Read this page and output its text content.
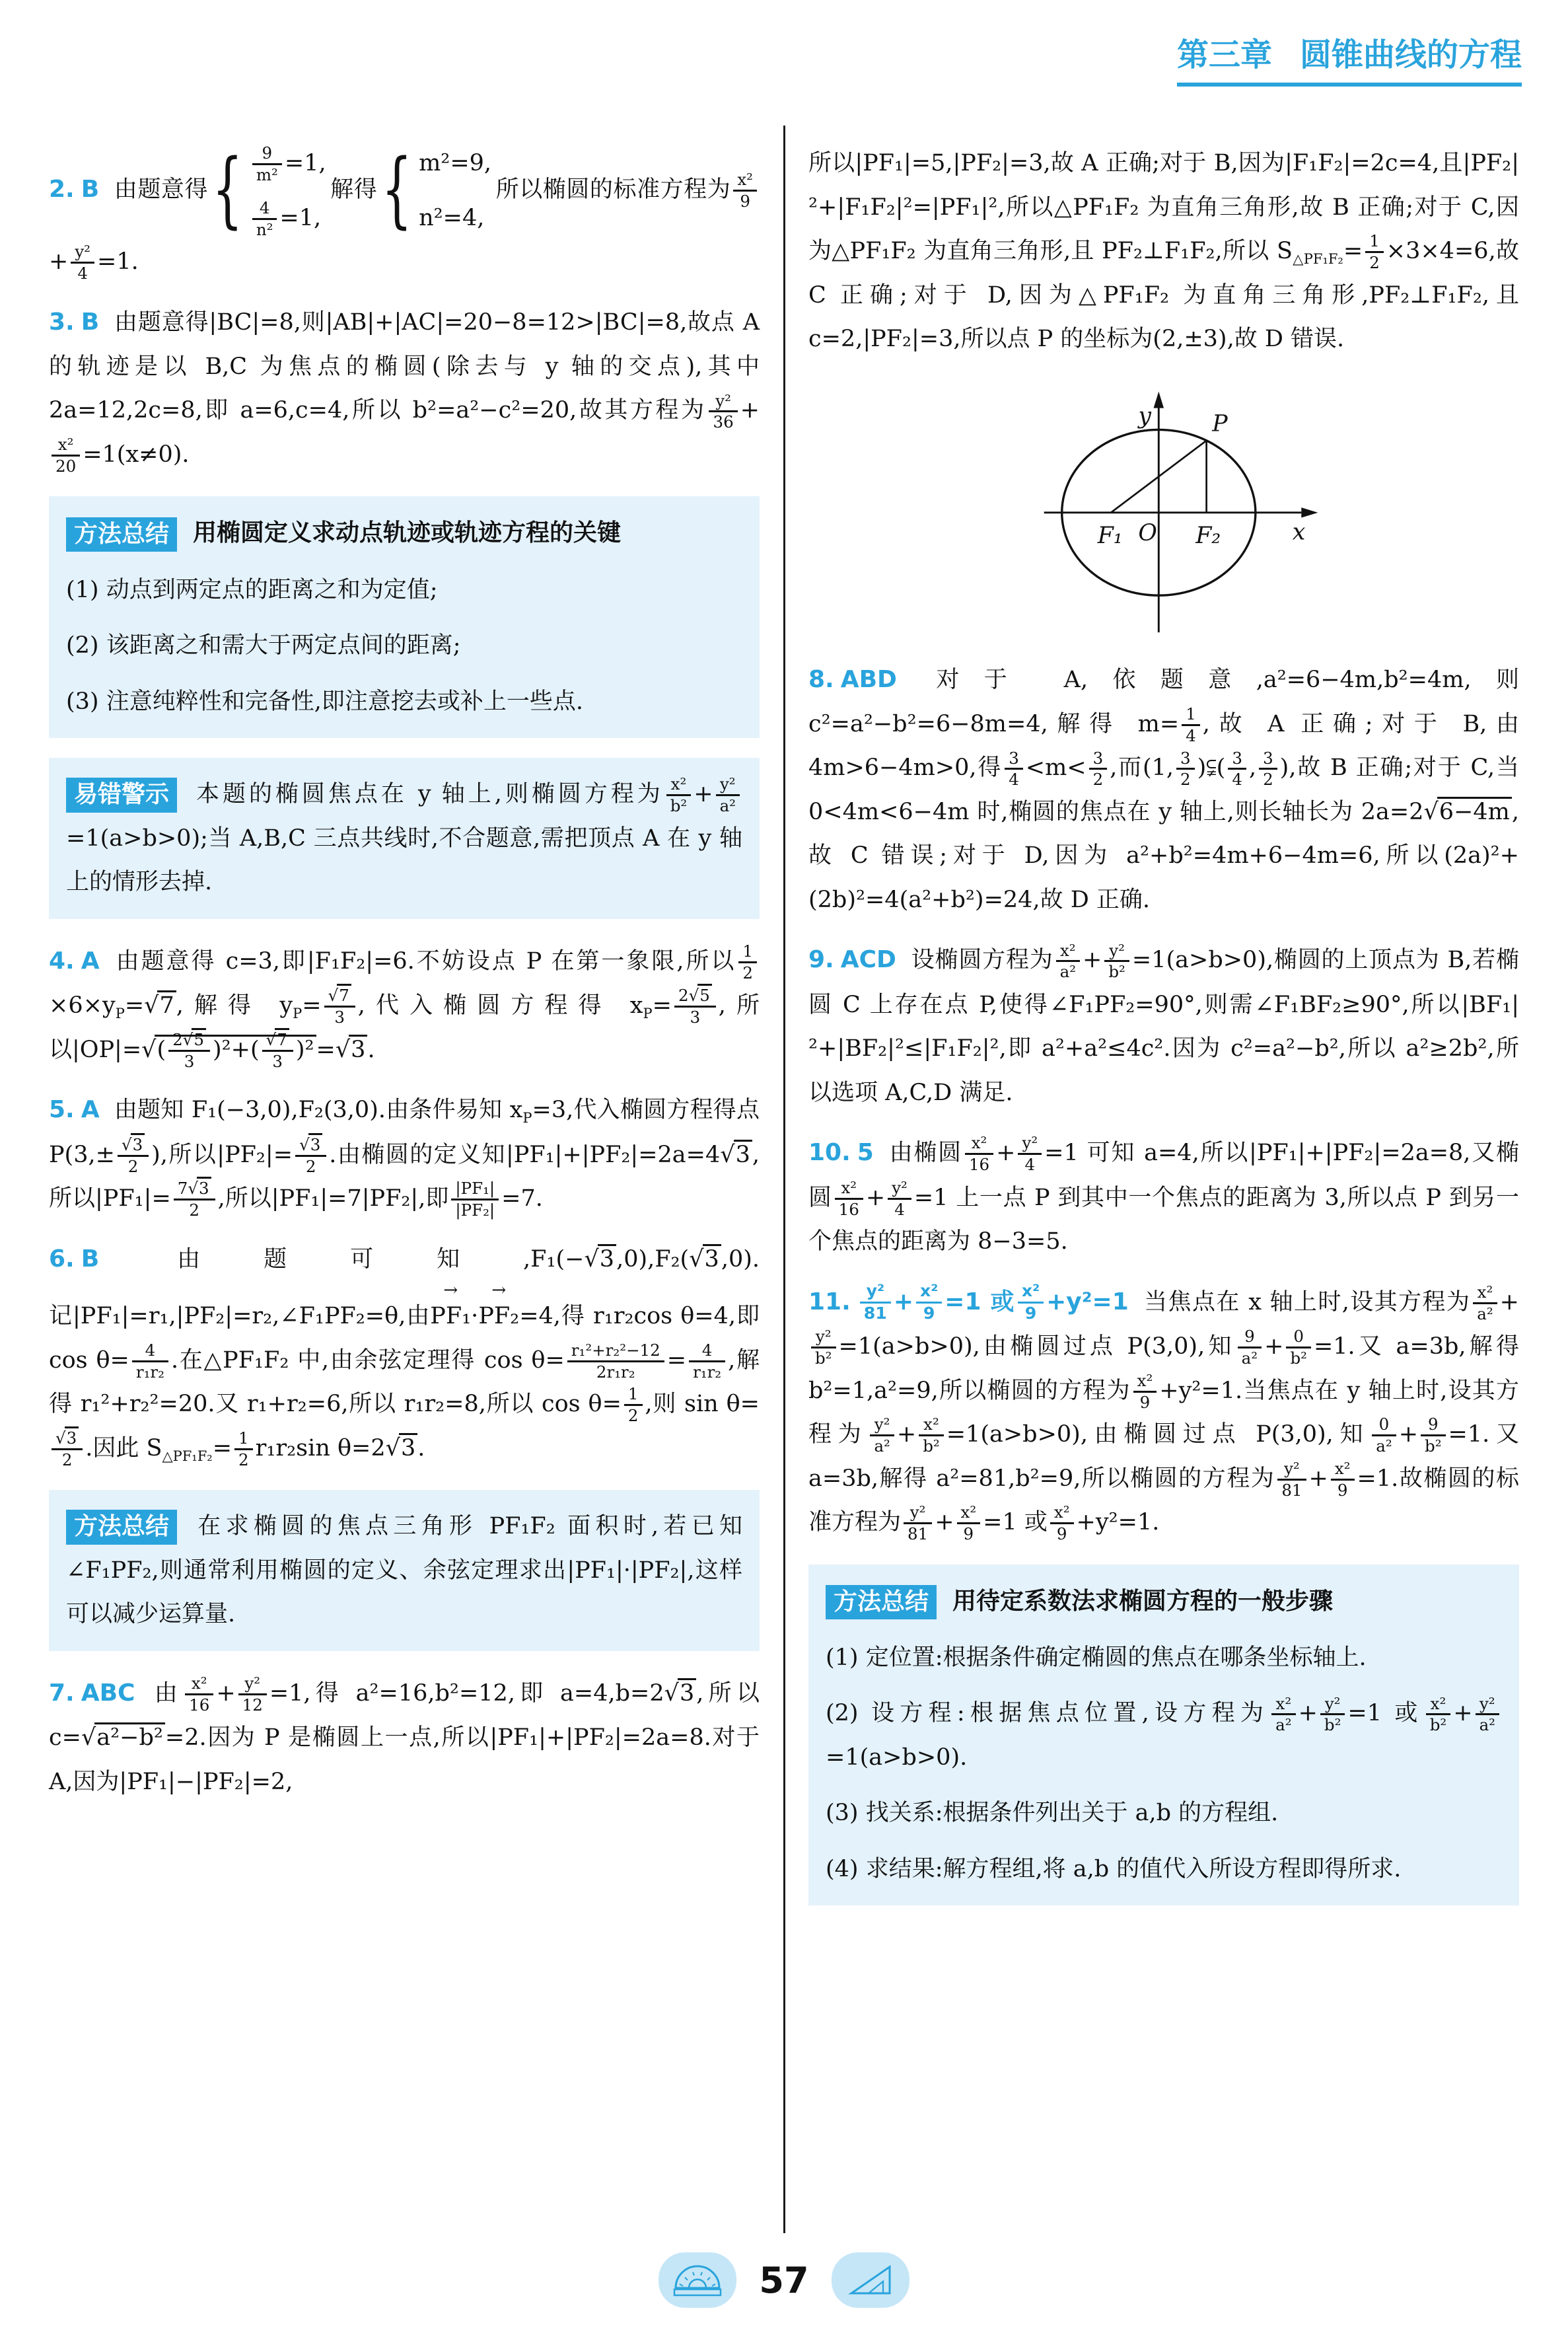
第三章 圆锥曲线的方程

2. B 由题意得 { $\frac{9}{\text{m²}} =1$,
$\frac{4}{\text{n²}} =1$,
解得 { m²=9,
n²=4,
所以椭圆的标准方程为 $\frac{\text{x²}}{9}$
+ $\frac{\text{y²}}{4} =1$.

3. B 由题意得|BC|=8,则|AB|+|AC|=20−8=12>|BC|=8,故点 A 的轨迹是以 B,C 为焦点的椭圆(除去与 y 轴的交点),其中 2a=12,2c=8,即 a=6,c=4,所以 b²=a²−c²=20,故其方程为 $\frac{\text{y²}}{36}$ +
$\frac{\text{x²}}{20} =1(x\ne 0)$.

方法总结 用椭圆定义求动点轨迹或轨迹方程的关键

(1) 动点到两定点的距离之和为定值;

(2) 该距离之和需大于两定点间的距离;

(3) 注意纯粹性和完备性,即注意挖去或补上一些点.

易错警示 本题的椭圆焦点在 y 轴上,则椭圆方程为 $\frac{\text{x²}}{\text{b²}} + \frac{\text{y²}}{\text{a²}}$
=1(a>b>0);当 A,B,C 三点共线时,不合题意,需把顶点 A 在 y 轴上的情形去掉.

4. A 由题意得 c=3,即|F₁F₂|=6.不妨设点 P 在第一象限,所以 $\frac{1}{2}$
$\times 6\times y_P=√7$,解得 $y_P= \frac{√ 7}{3}$ ,代入椭圆方程得 $x_P= \frac{2√ 5}{3}$ ,所以$|OP|=√( \frac{2√ 5}{3} )^2+( \frac{√ 7}{3} )^2=√3$.

5. A 由题知 F₁(−3,0),F₂(3,0).由条件易知 $x_P=3$,代入椭圆方程得点 $P(3,\pm \frac{√ 3}{2}$ ),所以$|PF_2|= \frac{√ 3}{2}$ .由椭圆的定义知|PF₁|+|PF₂|=2a=4√3,所以$|PF_1|= \frac{7√ 3}{2}$ ,所以|PF₁|=7|PF₂|,即 $\frac{\text{|PF₁|}}{\text{|PF₂|}} =7$.

6. B 由题可知,F₁(−√3,0),F₂(√3,0).记|PF₁|=r₁,|PF₂|=r₂,∠F₁PF₂=θ,由
→
PF₁·
→
PF₂=4,得 r₁r₂cos θ=4,即 $\cos \theta= \frac{4}{\text{r₁r₂}}$ .在△PF₁F₂ 中,由余弦定理得 $\cos \theta= \frac{\text{r₁²+r₂²−12}}{\text{2r₁r₂}} = \frac{4}{\text{r₁r₂}}$ ,解得 r₁²+r₂²=20.又 r₁+r₂=6,所以 r₁r₂=8,所以 $\cos \theta= \frac{1}{2}$ ,则 sin θ=
$\frac{√ 3}{2}$ .因此 $S_{\triangle PF_1F_2}= \frac{1}{2} r_1r_2\sin$ θ=2√3.

方法总结 在求椭圆的焦点三角形 PF₁F₂ 面积时,若已知∠F₁PF₂,则通常利用椭圆的定义、余弦定理求出|PF₁|·|PF₂|,这样可以减少运算量.

7. ABC 由 $\frac{\text{x²}}{16} + \frac{\text{y²}}{12} =1$,得 a²=16,b²=12,即 a=4,b=2√3,所以 c=√a²−b²=2.因为 P 是椭圆上一点,所以|PF₁|+|PF₂|=2a=8.对于 A,因为|PF₁|−|PF₂|=2,

所以|PF₁|=5,|PF₂|=3,故 A 正确;对于 B,因为|F₁F₂|=2c=4,且|PF₂|²+|F₁F₂|²=|PF₁|²,所以△PF₁F₂ 为直角三角形,故 B 正确;对于 C,因为△PF₁F₂ 为直角三角形,且 PF₂⊥F₁F₂,所以 $S_{\triangle PF_1F_2}= \frac{1}{2} \times 3\times 4=6$,故 C 正确;对于 D,因为△PF₁F₂ 为直角三角形,PF₂⊥F₁F₂,且 c=2,|PF₂|=3,所以点 P 的坐标为(2,±3),故 D 错误.

y
x
O
F₁	F₂
P

8. ABD 对于 A,依题意,a²=6−4m,b²=4m,则 c²=a²−b²=6−8m=4,解得 $m= \frac{1}{4}$ ,故 A 正确;对于 B,由 4m>6−4m>0,得 $\frac{3}{4} <m< \frac{3}{2}$ ,而(1, $\frac{3}{2}$ )⫋( $\frac{3}{4}$ , $\frac{3}{2}$ ),故 B 正确;对于 C,当 0<4m<6−4m 时,椭圆的焦点在 y 轴上,则长轴长为 2a=2√6−4m,故 C 错误;对于 D,因为 a²+b²=4m+6−4m=6,所以(2a)²+(2b)²=4(a²+b²)=24,故 D 正确.

9. ACD 设椭圆方程为 $\frac{\text{x²}}{\text{a²}} + \frac{\text{y²}}{\text{b²}} =1(a>b>0)$,椭圆的上顶点为 B,若椭圆 C 上存在点 P,使得∠F₁PF₂=90°,则需∠F₁BF₂≥90°,所以|BF₁|²+|BF₂|²≤|F₁F₂|²,即 a²+a²≤4c².因为 c²=a²−b²,所以 a²≥2b²,所以选项 A,C,D 满足.

10. 5 由椭圆 $\frac{\text{x²}}{16} + \frac{\text{y²}}{4} =1$ 可知 a=4,所以|PF₁|+|PF₂|=2a=8,又椭圆 $\frac{\text{x²}}{16} + \frac{\text{y²}}{4} =1$ 上一点 P 到其中一个焦点的距离为 3,所以点 P 到另一个焦点的距离为 8−3=5.

11. $\frac{\text{y²}}{81} + \frac{\text{x²}}{9} =1$ 或 $\frac{\text{x²}}{9} +y^2=1$ 当焦点在 x 轴上时,设其方程为 $\frac{\text{x²}}{\text{a²}}$ +
$\frac{\text{y²}}{\text{b²}} =1(a>b>0)$,由椭圆过点 P(3,0),知 $\frac{9}{\text{a²}} + \frac{0}{\text{b²}} =1$.又 a=3b,解得 b²=1,a²=9,所以椭圆的方程为 $\frac{\text{x²}}{9} +y^2=1$.当焦点在 y 轴上时,设其方程为 $\frac{\text{y²}}{\text{a²}} + \frac{\text{x²}}{\text{b²}} =1(a>b>0)$,由椭圆过点 P(3,0),知 $\frac{0}{\text{a²}} + \frac{9}{\text{b²}} =1$.又 a=3b,解得 a²=81,b²=9,所以椭圆的方程为 $\frac{\text{y²}}{81} + \frac{\text{x²}}{9} =1$.故椭圆的标准方程为 $\frac{\text{y²}}{81} + \frac{\text{x²}}{9} =1$ 或 $\frac{\text{x²}}{9} +y^2=1$.

方法总结 用待定系数法求椭圆方程的一般步骤

(1) 定位置:根据条件确定椭圆的焦点在哪条坐标轴上.

(2) 设方程:根据焦点位置,设方程为 $\frac{\text{x²}}{\text{a²}} + \frac{\text{y²}}{\text{b²}} =1$ 或 $\frac{\text{x²}}{\text{b²}} + \frac{\text{y²}}{\text{a²}}$
=1(a>b>0).

(3) 找关系:根据条件列出关于 a,b 的方程组.

(4) 求结果:解方程组,将 a,b 的值代入所设方程即得所求.

57
